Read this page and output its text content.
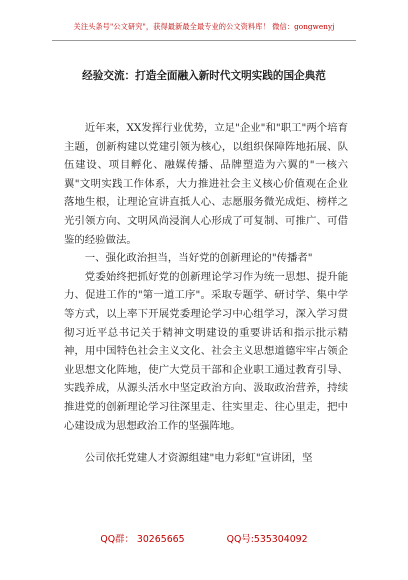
关注头条号"公文研究"，获得最新最全最专业的公文资料库！ 微信：gongwenyj
经验交流：打造全面融入新时代文明实践的国企典范

近年来，XX发挥行业优势，立足"企业"和"职工"两个培育主题，创新构建以党建引领为核心，以组织保障阵地拓展、队伍建设、项目孵化、融媒传播、品牌塑造为六翼的"一核六翼"文明实践工作体系，大力推进社会主义核心价值观在企业落地生根，让理论宣讲直抵人心、志愿服务微光成炬、榜样之光引领方向、文明风尚浸润人心形成了可复制、可推广、可借鉴的经验做法。

一、强化政治担当，当好党的创新理论的"传播者"

党委始终把抓好党的创新理论学习作为统一思想、提升能力、促进工作的"第一道工序"。采取专题学、研讨学、集中学等方式，以上率下开展党委理论学习中心组学习，深入学习贯彻习近平总书记关于精神文明建设的重要讲话和指示批示精神，用中国特色社会主义文化、社会主义思想道德牢牢占领企业思想文化阵地，使广大党员干部和企业职工通过教育引导、实践养成，从源头活水中坚定政治方向、汲取政治营养，持续推进党的创新理论学习往深里走、往实里走、往心里走，把中心建设成为思想政治工作的坚强阵地。

公司依托党建人才资源组建"电力彩虹"宣讲团，坚

QQ群： 30265665	QQ号:535304092
